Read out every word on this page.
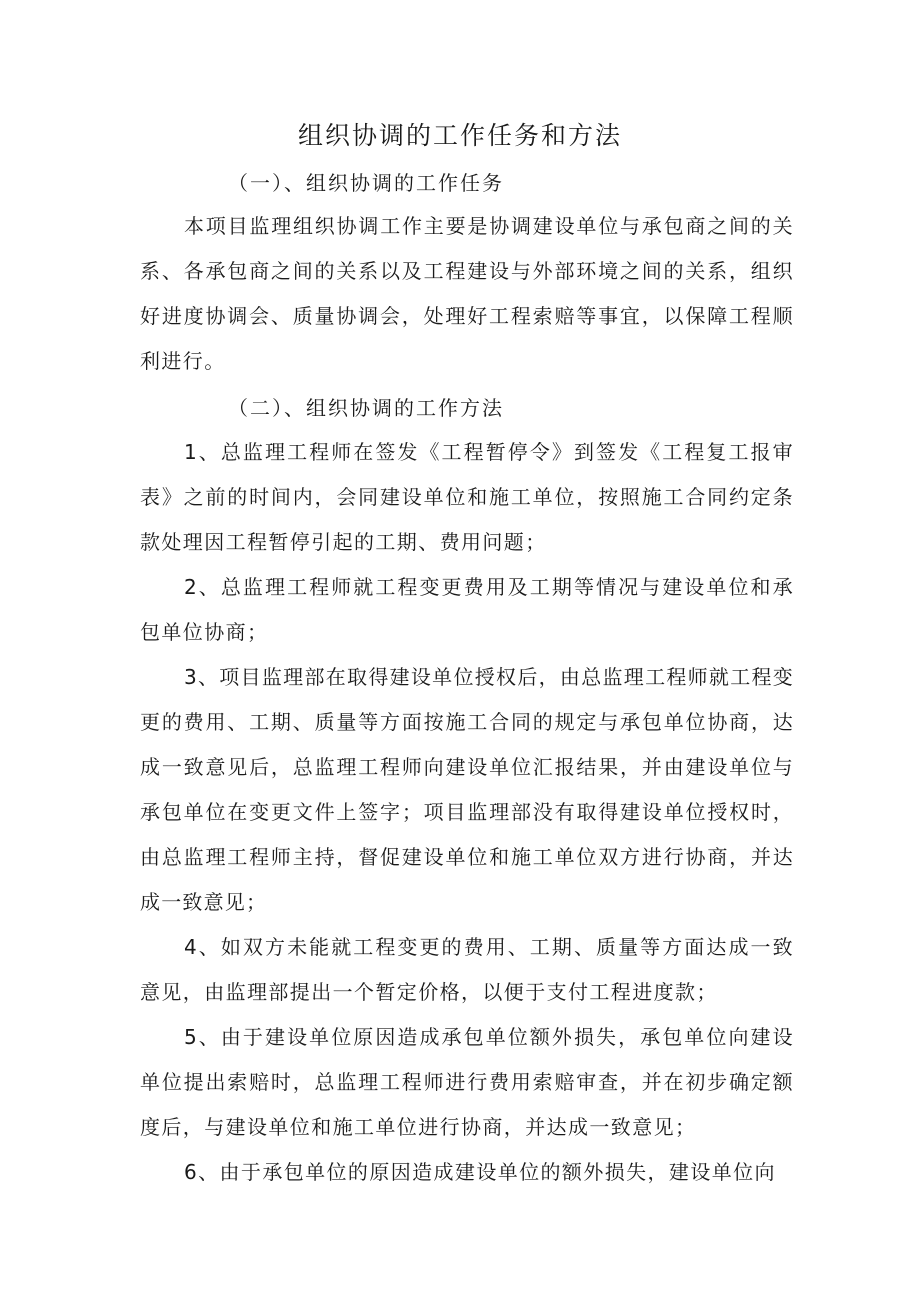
组织协调的工作任务和方法
（一）、组织协调的工作任务

本项目监理组织协调工作主要是协调建设单位与承包商之间的关系、各承包商之间的关系以及工程建设与外部环境之间的关系，组织好进度协调会、质量协调会，处理好工程索赔等事宜，以保障工程顺利进行。

（二）、组织协调的工作方法

1、总监理工程师在签发《工程暂停令》到签发《工程复工报审表》之前的时间内，会同建设单位和施工单位，按照施工合同约定条款处理因工程暂停引起的工期、费用问题；

2、总监理工程师就工程变更费用及工期等情况与建设单位和承包单位协商；

3、项目监理部在取得建设单位授权后，由总监理工程师就工程变更的费用、工期、质量等方面按施工合同的规定与承包单位协商，达成一致意见后，总监理工程师向建设单位汇报结果，并由建设单位与承包单位在变更文件上签字；项目监理部没有取得建设单位授权时，由总监理工程师主持，督促建设单位和施工单位双方进行协商，并达成一致意见；

4、如双方未能就工程变更的费用、工期、质量等方面达成一致意见，由监理部提出一个暂定价格，以便于支付工程进度款；

5、由于建设单位原因造成承包单位额外损失，承包单位向建设单位提出索赔时，总监理工程师进行费用索赔审查，并在初步确定额度后，与建设单位和施工单位进行协商，并达成一致意见；

6、由于承包单位的原因造成建设单位的额外损失，建设单位向
